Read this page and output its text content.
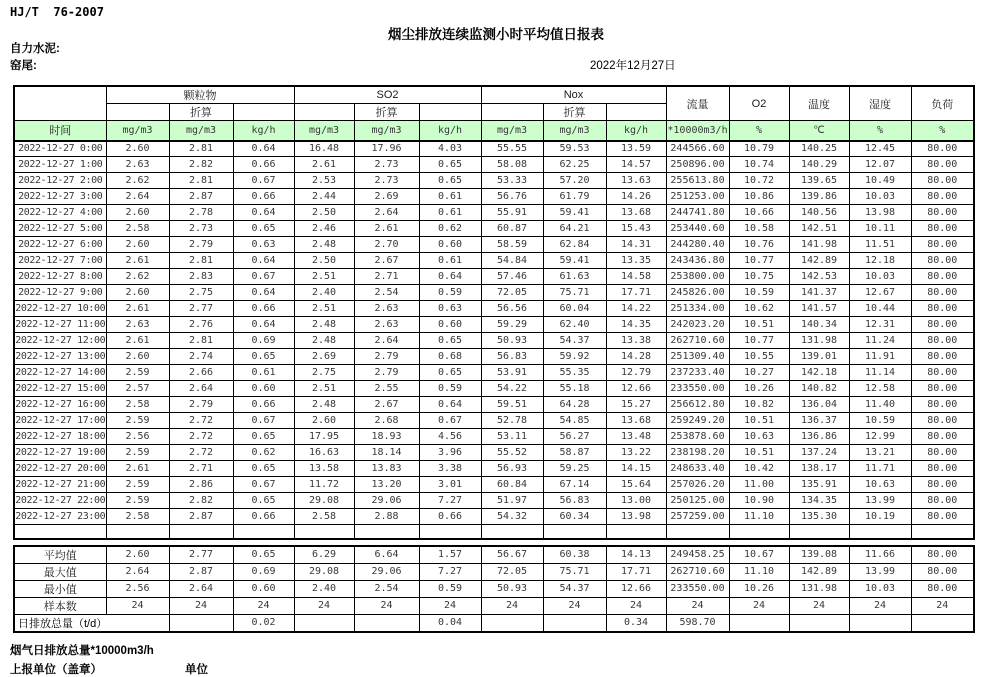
HJ/T  76-2007
烟尘排放连续监测小时平均值日报表
自力水泥:
窑尾:	2022年12月27日
	颗粒物			SO2			Nox			流量	O2	温度	湿度	负荷
		折算			折算			折算						
时间	mg/m3	mg/m3	kg/h	mg/m3	mg/m3	kg/h	mg/m3	mg/m3	kg/h	*10000m3/h	%	℃	%	%
2022-12-27 0:00	2.60	2.81	0.64	16.48	17.96	4.03	55.55	59.53	13.59	244566.60	10.79	140.25	12.45	80.00
2022-12-27 1:00	2.63	2.82	0.66	2.61	2.73	0.65	58.08	62.25	14.57	250896.00	10.74	140.29	12.07	80.00
2022-12-27 2:00	2.62	2.81	0.67	2.53	2.73	0.65	53.33	57.20	13.63	255613.80	10.72	139.65	10.49	80.00
2022-12-27 3:00	2.64	2.87	0.66	2.44	2.69	0.61	56.76	61.79	14.26	251253.00	10.86	139.86	10.03	80.00
2022-12-27 4:00	2.60	2.78	0.64	2.50	2.64	0.61	55.91	59.41	13.68	244741.80	10.66	140.56	13.98	80.00
2022-12-27 5:00	2.58	2.73	0.65	2.46	2.61	0.62	60.87	64.21	15.43	253440.60	10.58	142.51	10.11	80.00
2022-12-27 6:00	2.60	2.79	0.63	2.48	2.70	0.60	58.59	62.84	14.31	244280.40	10.76	141.98	11.51	80.00
2022-12-27 7:00	2.61	2.81	0.64	2.50	2.67	0.61	54.84	59.41	13.35	243436.80	10.77	142.89	12.18	80.00
2022-12-27 8:00	2.62	2.83	0.67	2.51	2.71	0.64	57.46	61.63	14.58	253800.00	10.75	142.53	10.03	80.00
2022-12-27 9:00	2.60	2.75	0.64	2.40	2.54	0.59	72.05	75.71	17.71	245826.00	10.59	141.37	12.67	80.00
2022-12-27 10:00	2.61	2.77	0.66	2.51	2.63	0.63	56.56	60.04	14.22	251334.00	10.62	141.57	10.44	80.00
2022-12-27 11:00	2.63	2.76	0.64	2.48	2.63	0.60	59.29	62.40	14.35	242023.20	10.51	140.34	12.31	80.00
2022-12-27 12:00	2.61	2.81	0.69	2.48	2.64	0.65	50.93	54.37	13.38	262710.60	10.77	131.98	11.24	80.00
2022-12-27 13:00	2.60	2.74	0.65	2.69	2.79	0.68	56.83	59.92	14.28	251309.40	10.55	139.01	11.91	80.00
2022-12-27 14:00	2.59	2.66	0.61	2.75	2.79	0.65	53.91	55.35	12.79	237233.40	10.27	142.18	11.14	80.00
2022-12-27 15:00	2.57	2.64	0.60	2.51	2.55	0.59	54.22	55.18	12.66	233550.00	10.26	140.82	12.58	80.00
2022-12-27 16:00	2.58	2.79	0.66	2.48	2.67	0.64	59.51	64.28	15.27	256612.80	10.82	136.04	11.40	80.00
2022-12-27 17:00	2.59	2.72	0.67	2.60	2.68	0.67	52.78	54.85	13.68	259249.20	10.51	136.37	10.59	80.00
2022-12-27 18:00	2.56	2.72	0.65	17.95	18.93	4.56	53.11	56.27	13.48	253878.60	10.63	136.86	12.99	80.00
2022-12-27 19:00	2.59	2.72	0.62	16.63	18.14	3.96	55.52	58.87	13.22	238198.20	10.51	137.24	13.21	80.00
2022-12-27 20:00	2.61	2.71	0.65	13.58	13.83	3.38	56.93	59.25	14.15	248633.40	10.42	138.17	11.71	80.00
2022-12-27 21:00	2.59	2.86	0.67	11.72	13.20	3.01	60.84	67.14	15.64	257026.20	11.00	135.91	10.63	80.00
2022-12-27 22:00	2.59	2.82	0.65	29.08	29.06	7.27	51.97	56.83	13.00	250125.00	10.90	134.35	13.99	80.00
2022-12-27 23:00	2.58	2.87	0.66	2.58	2.88	0.66	54.32	60.34	13.98	257259.00	11.10	135.30	10.19	80.00

平均值	2.60	2.77	0.65	6.29	6.64	1.57	56.67	60.38	14.13	249458.25	10.67	139.08	11.66	80.00
最大值	2.64	2.87	0.69	29.08	29.06	7.27	72.05	75.71	17.71	262710.60	11.10	142.89	13.99	80.00
最小值	2.56	2.64	0.60	2.40	2.54	0.59	50.93	54.37	12.66	233550.00	10.26	131.98	10.03	80.00
样本数	24	24	24	24	24	24	24	24	24	24	24	24	24	24
日排放总量（t/d）			0.02			0.04			0.34	598.70				
烟气日排放总量*10000m3/h
上报单位（盖章）	单位
